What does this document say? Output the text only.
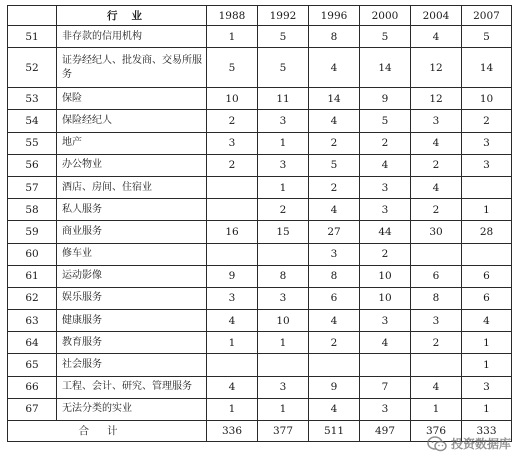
	行业	1988	1992	1996	2000	2004	2007
51	非存款的信用机构	1	5	8	5	4	5
52	证券经纪人、批发商、交易所服务	5	5	4	14	12	14
53	保险	10	11	14	9	12	10
54	保险经纪人	2	3	4	5	3	2
55	地产	3	1	2	2	4	3
56	办公物业	2	3	5	4	2	3
57	酒店、房间、住宿业		1	2	3	4	
58	私人服务		2	4	3	2	1
59	商业服务	16	15	27	44	30	28
60	修车业			3	2		
61	运动影像	9	8	8	10	6	6
62	娱乐服务	3	3	6	10	8	6
63	健康服务	4	10	4	3	3	4
64	教育服务	1	1	2	4	2	1
65	社会服务						1
66	工程、会计、研究、管理服务	4	3	9	7	4	3
67	无法分类的实业	1	1	4	3	1	1
合计		336	377	511	497	376	333
投资数据库
